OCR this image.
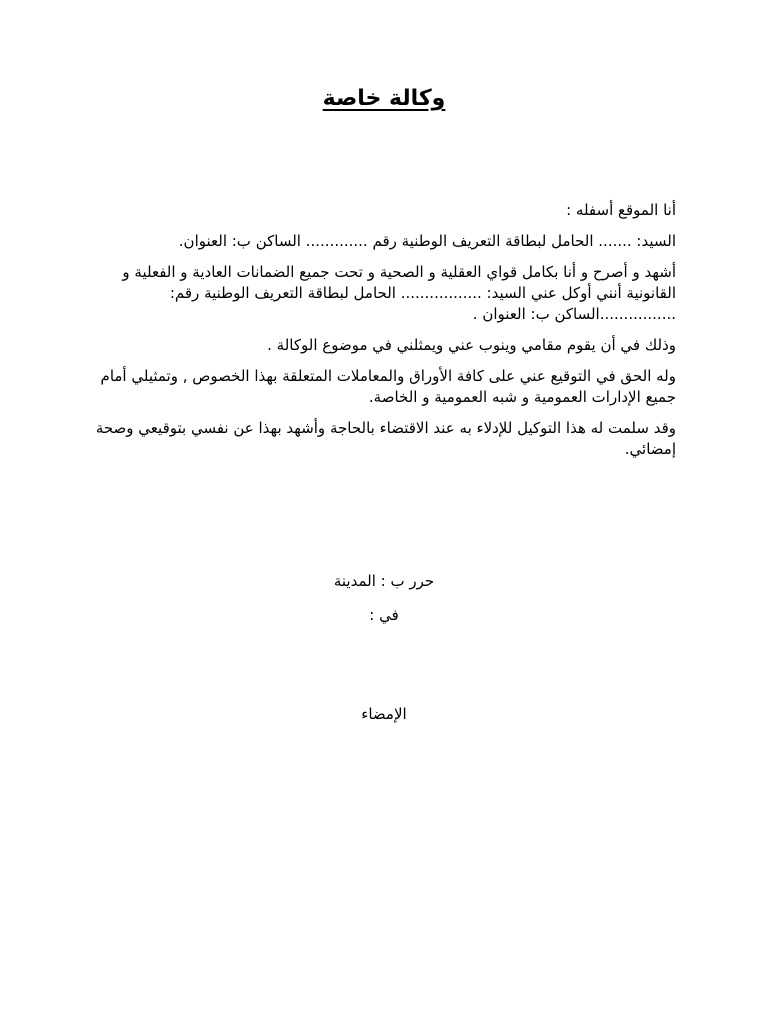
وكالة خاصة

أنا الموقع أسفله :

السيد: ....... الحامل لبطاقة التعريف الوطنية رقم ............. الساكن ب: العنوان.

أشهد و أصرح و أنا بكامل قواي العقلية و الصحية و تحت جميع الضمانات العادية و الفعلية و القانونية أنني أوكل عني السيد: ................. الحامل لبطاقة التعريف الوطنية رقم: ................الساكن ب: العنوان .

وذلك في أن يقوم مقامي وينوب عني ويمثلني في موضوع الوكالة .

وله الحق في التوقيع عني على كافة الأوراق والمعاملات المتعلقة بهذا الخصوص , وتمثيلي أمام جميع الإدارات العمومية و شبه العمومية و الخاصة.

وقد سلمت له هذا التوكيل للإدلاء به عند الاقتضاء بالحاجة وأشهد بهذا عن نفسي بتوقيعي وصحة إمضائي.

حرر ب : المدينة
في :
الإمضاء
